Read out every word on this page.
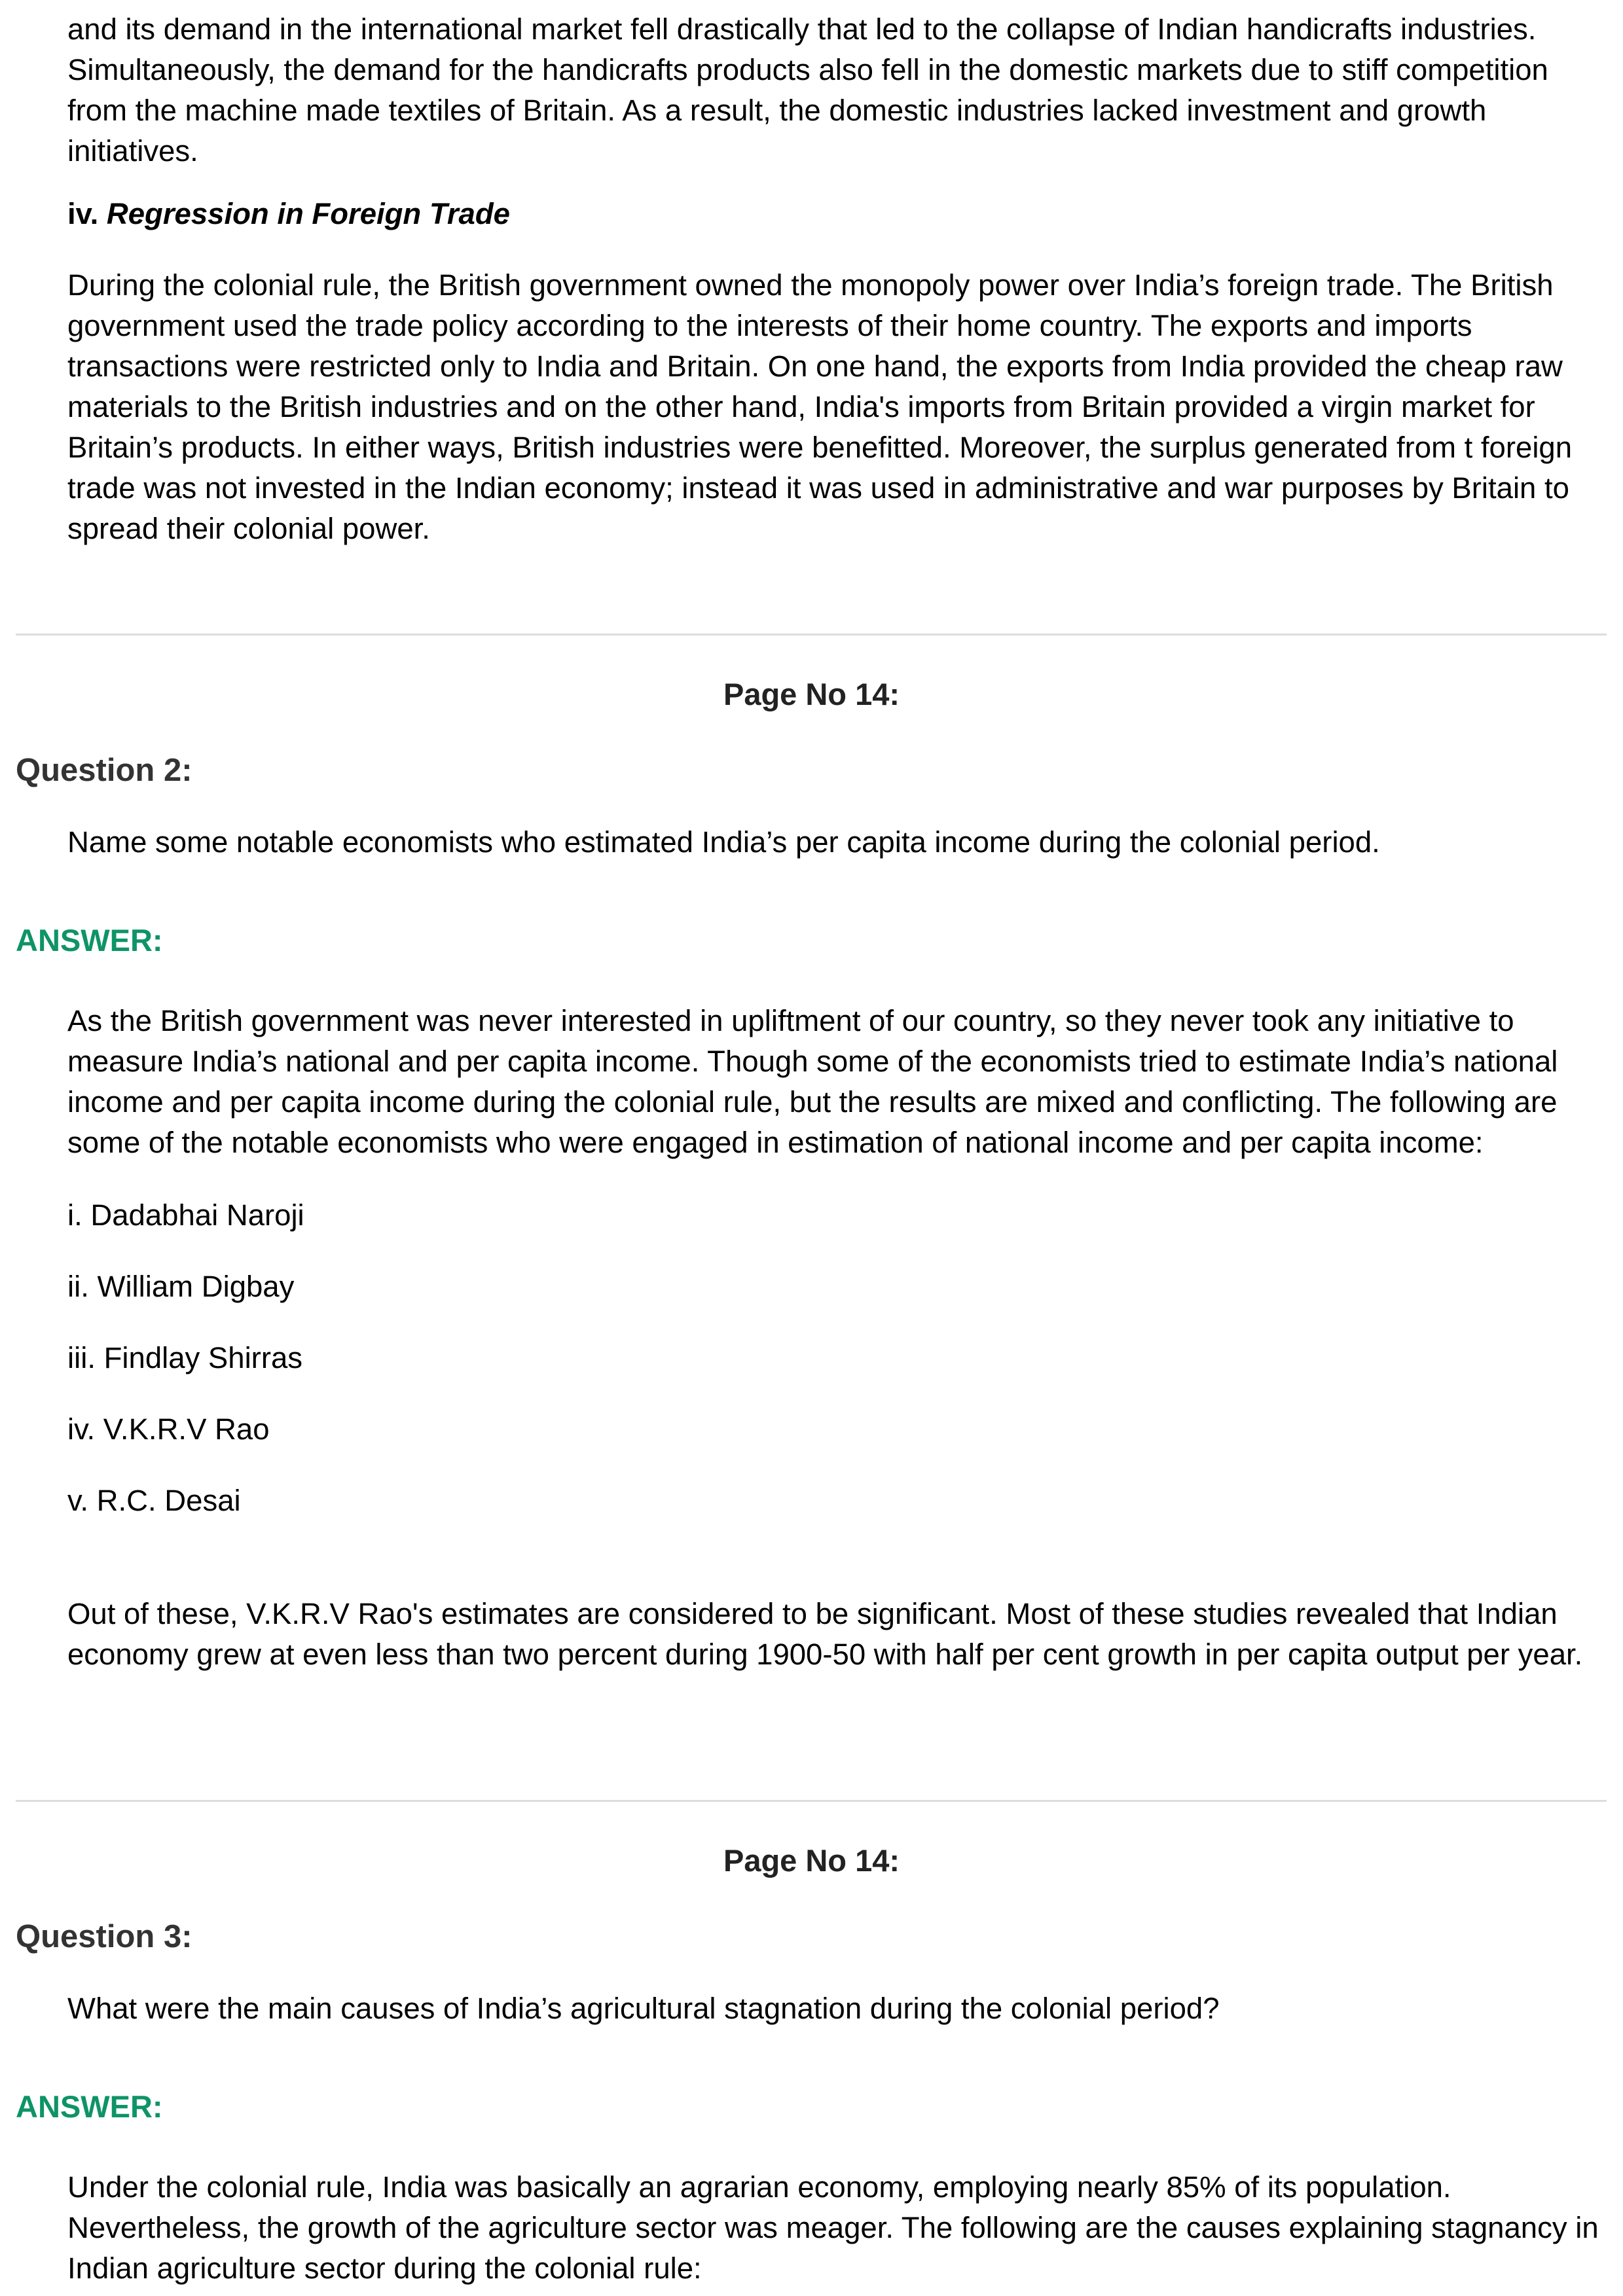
and its demand in the international market fell drastically that led to the collapse of Indian handicrafts industries. Simultaneously, the demand for the handicrafts products also fell in the domestic markets due to stiff competition from the machine made textiles of Britain. As a result, the domestic industries lacked investment and growth initiatives.

iv. Regression in Foreign Trade

During the colonial rule, the British government owned the monopoly power over India’s foreign trade. The British government used the trade policy according to the interests of their home country. The exports and imports transactions were restricted only to India and Britain. On one hand, the exports from India provided the cheap raw materials to the British industries and on the other hand, India's imports from Britain provided a virgin market for Britain’s products. In either ways, British industries were benefitted. Moreover, the surplus generated from t foreign trade was not invested in the Indian economy; instead it was used in administrative and war purposes by Britain to spread their colonial power.

Page No 14:

Question 2:

Name some notable economists who estimated India’s per capita income during the colonial period.

ANSWER:

As the British government was never interested in upliftment of our country, so they never took any initiative to measure India’s national and per capita income. Though some of the economists tried to estimate India’s national income and per capita income during the colonial rule, but the results are mixed and conflicting. The following are some of the notable economists who were engaged in estimation of national income and per capita income:

i. Dadabhai Naroji

ii. William Digbay

iii. Findlay Shirras

iv. V.K.R.V Rao

v. R.C. Desai

Out of these, V.K.R.V Rao's estimates are considered to be significant. Most of these studies revealed that Indian economy grew at even less than two percent during 1900-50 with half per cent growth in per capita output per year.

Page No 14:

Question 3:

What were the main causes of India’s agricultural stagnation during the colonial period?

ANSWER:

Under the colonial rule, India was basically an agrarian economy, employing nearly 85% of its population. Nevertheless, the growth of the agriculture sector was meager. The following are the causes explaining stagnancy in Indian agriculture sector during the colonial rule:
